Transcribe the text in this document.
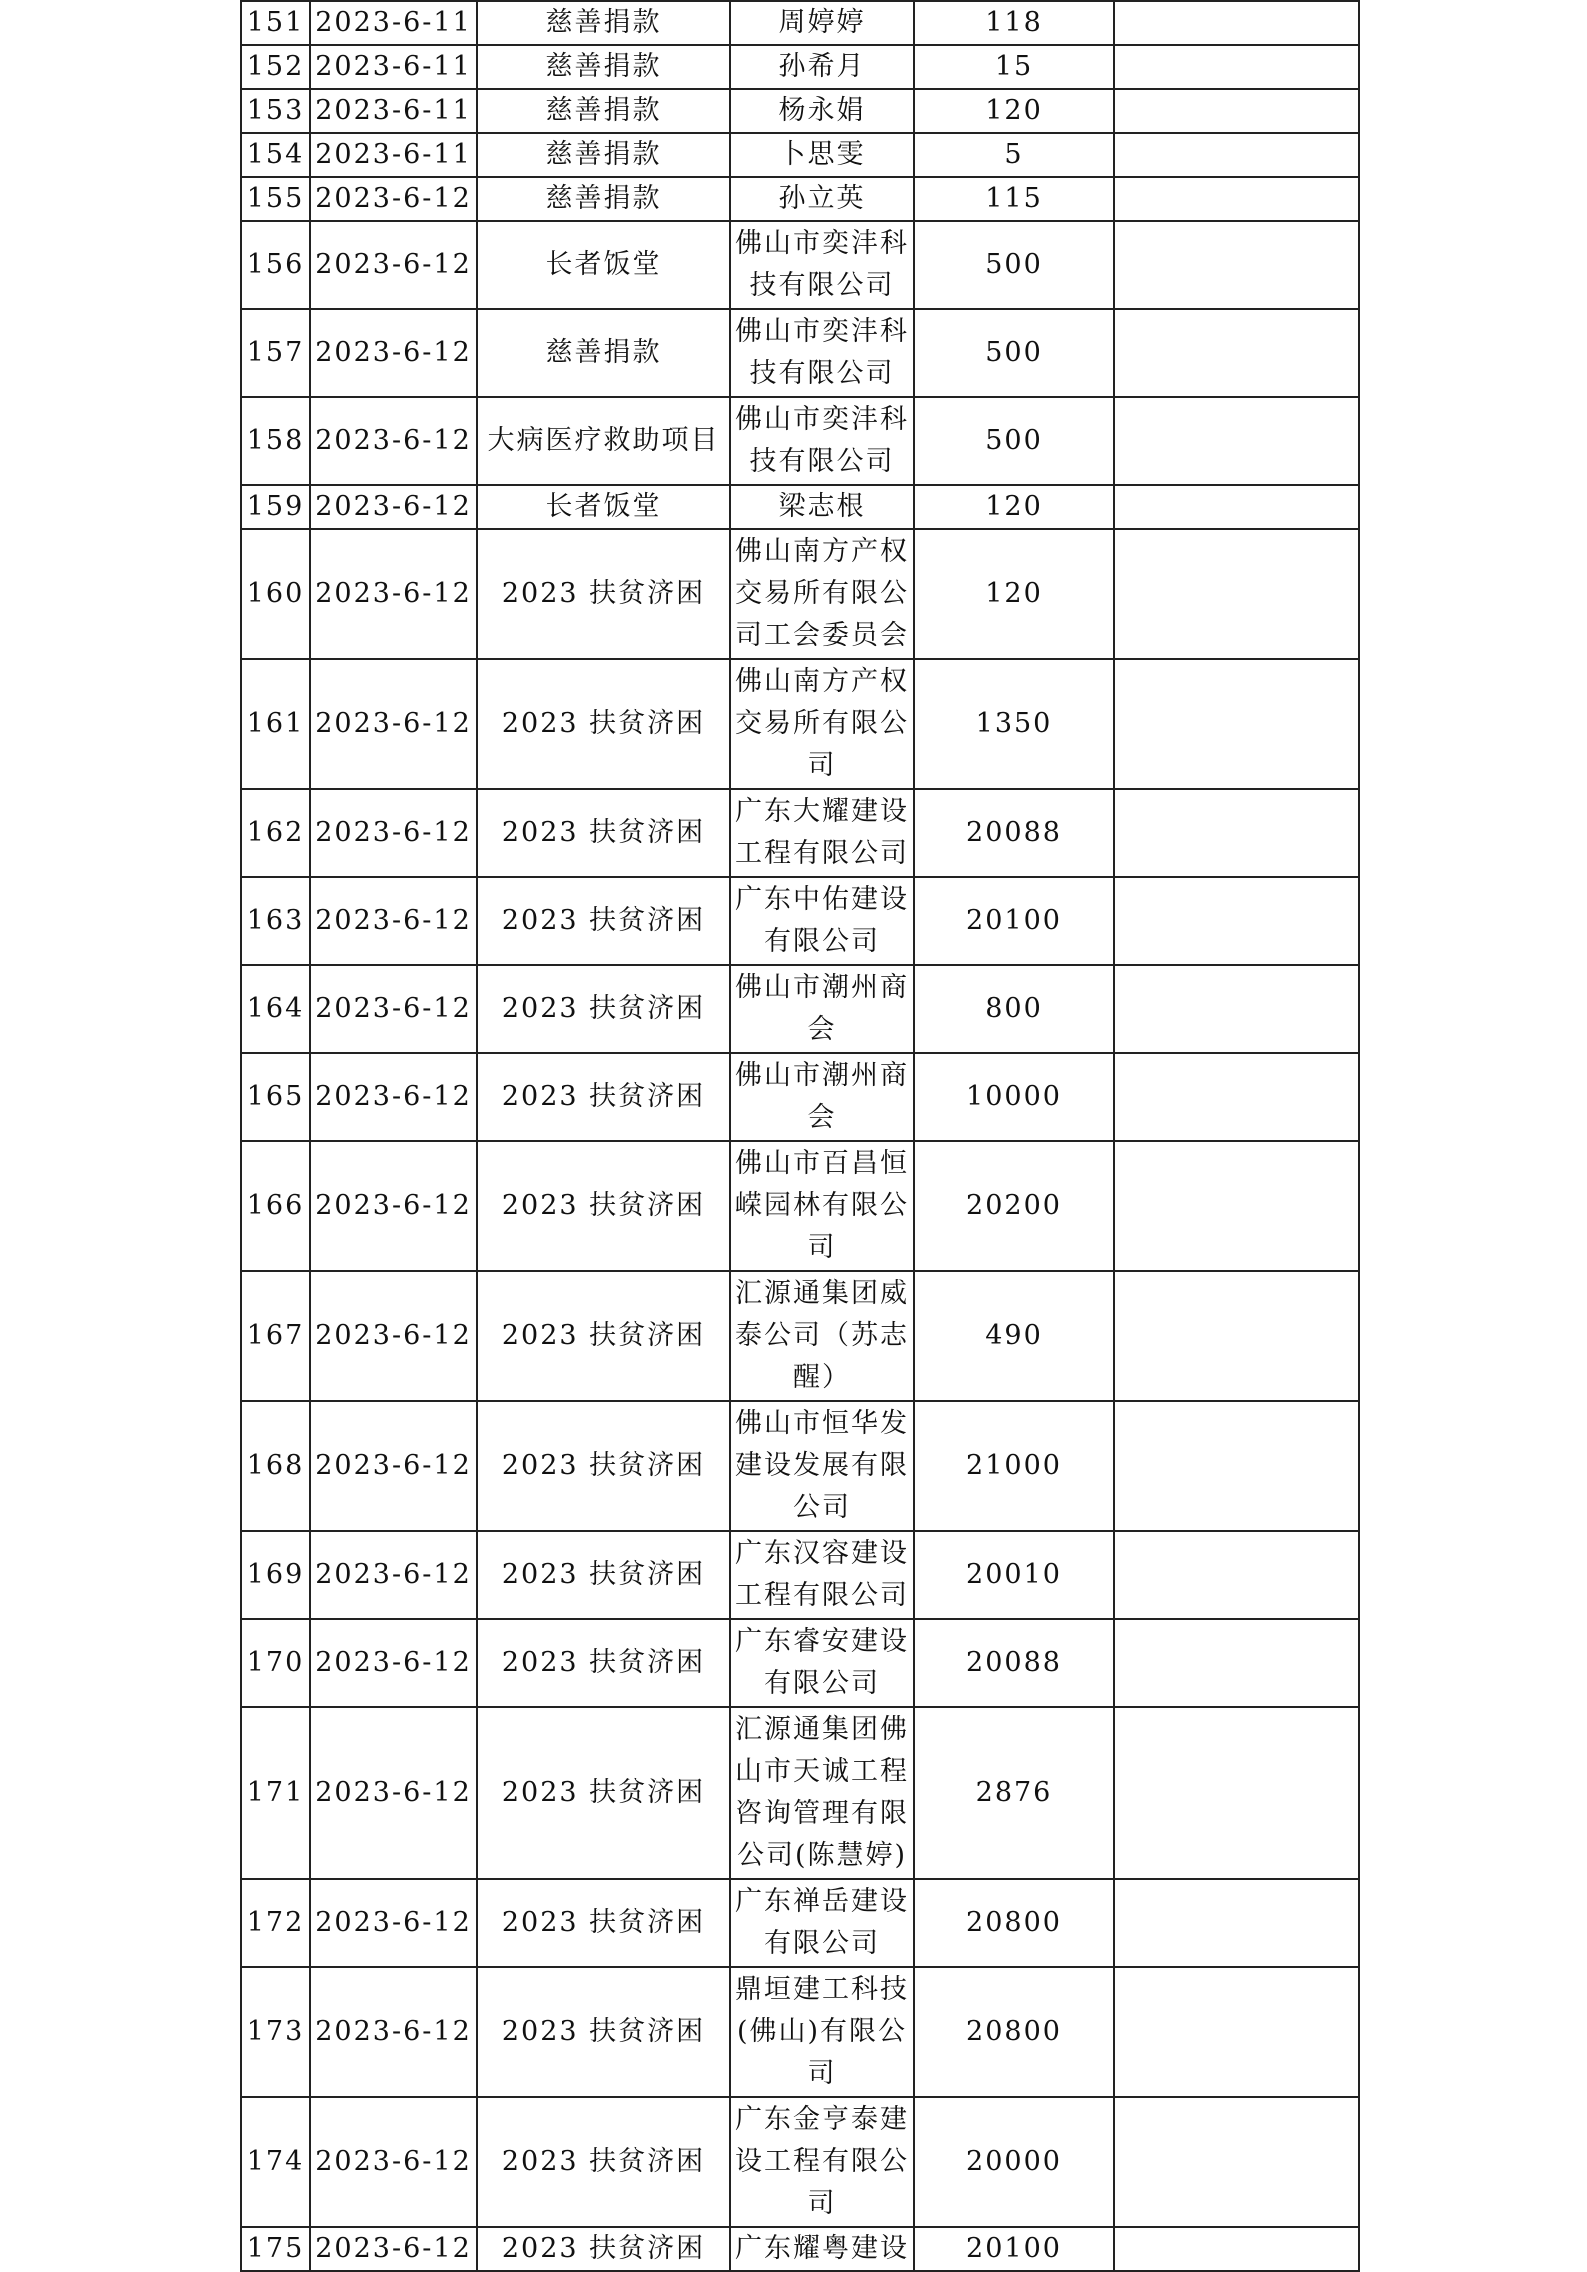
151	2023-6-11	慈善捐款	周婷婷	118	
152	2023-6-11	慈善捐款	孙希月	15	
153	2023-6-11	慈善捐款	杨永娟	120	
154	2023-6-11	慈善捐款	卜思雯	5	
155	2023-6-12	慈善捐款	孙立英	115	
156	2023-6-12	长者饭堂	佛山市奕沣科技有限公司	500	
157	2023-6-12	慈善捐款	佛山市奕沣科技有限公司	500	
158	2023-6-12	大病医疗救助项目	佛山市奕沣科技有限公司	500	
159	2023-6-12	长者饭堂	梁志根	120	
160	2023-6-12	2023 扶贫济困	佛山南方产权交易所有限公司工会委员会	120	
161	2023-6-12	2023 扶贫济困	佛山南方产权交易所有限公司	1350	
162	2023-6-12	2023 扶贫济困	广东大耀建设工程有限公司	20088	
163	2023-6-12	2023 扶贫济困	广东中佑建设有限公司	20100	
164	2023-6-12	2023 扶贫济困	佛山市潮州商会	800	
165	2023-6-12	2023 扶贫济困	佛山市潮州商会	10000	
166	2023-6-12	2023 扶贫济困	佛山市百昌恒嵘园林有限公司	20200	
167	2023-6-12	2023 扶贫济困	汇源通集团威泰公司（苏志醒）	490	
168	2023-6-12	2023 扶贫济困	佛山市恒华发建设发展有限公司	21000	
169	2023-6-12	2023 扶贫济困	广东汉容建设工程有限公司	20010	
170	2023-6-12	2023 扶贫济困	广东睿安建设有限公司	20088	
171	2023-6-12	2023 扶贫济困	汇源通集团佛山市天诚工程咨询管理有限公司(陈慧婷)	2876	
172	2023-6-12	2023 扶贫济困	广东禅岳建设有限公司	20800	
173	2023-6-12	2023 扶贫济困	鼎垣建工科技(佛山)有限公司	20800	
174	2023-6-12	2023 扶贫济困	广东金亨泰建设工程有限公司	20000	
175	2023-6-12	2023 扶贫济困	广东耀粤建设	20100	
